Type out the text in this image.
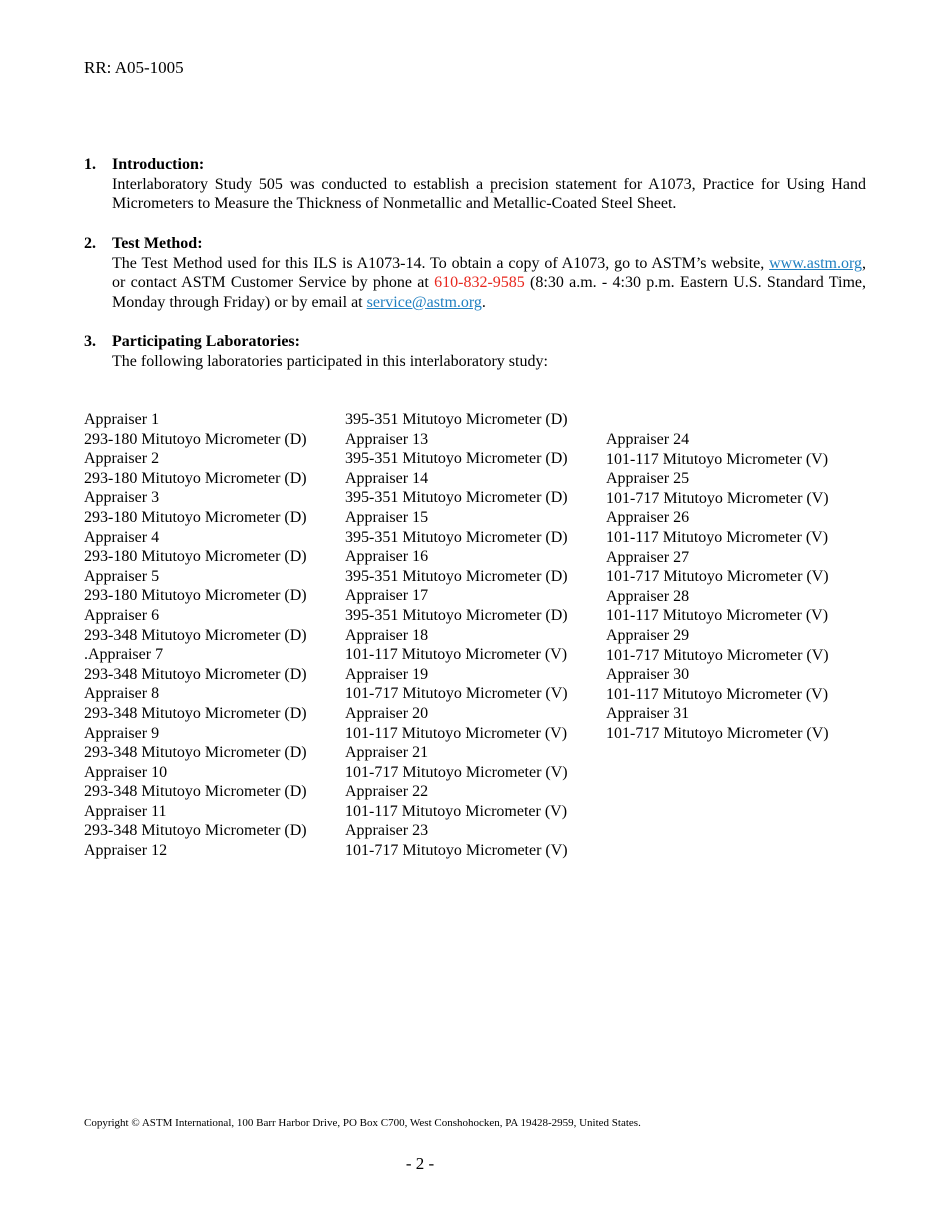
RR: A05-1005
1.	Introduction:
Interlaboratory Study 505 was conducted to establish a precision statement for A1073, Practice for Using Hand Micrometers to Measure the Thickness of Nonmetallic and Metallic-Coated Steel Sheet.
2.	Test Method:
The Test Method used for this ILS is A1073-14. To obtain a copy of A1073, go to ASTM’s website, www.astm.org, or contact ASTM Customer Service by phone at 610-832-9585 (8:30 a.m. - 4:30 p.m. Eastern U.S. Standard Time, Monday through Friday) or by email at service@astm.org.
3.	Participating Laboratories:
The following laboratories participated in this interlaboratory study:
Appraiser 1
293-180 Mitutoyo Micrometer (D)
Appraiser 2
293-180 Mitutoyo Micrometer (D)
Appraiser 3
293-180 Mitutoyo Micrometer (D)
Appraiser 4
293-180 Mitutoyo Micrometer (D)
Appraiser 5
293-180 Mitutoyo Micrometer (D)
Appraiser 6
293-348 Mitutoyo Micrometer (D)
.Appraiser 7
293-348 Mitutoyo Micrometer (D)
Appraiser 8
293-348 Mitutoyo Micrometer (D)
Appraiser 9
293-348 Mitutoyo Micrometer (D)
Appraiser 10
293-348 Mitutoyo Micrometer (D)
Appraiser 11
293-348 Mitutoyo Micrometer (D)
Appraiser 12
395-351 Mitutoyo Micrometer (D)
Appraiser 13
395-351 Mitutoyo Micrometer (D)
Appraiser 14
395-351 Mitutoyo Micrometer (D)
Appraiser 15
395-351 Mitutoyo Micrometer (D)
Appraiser 16
395-351 Mitutoyo Micrometer (D)
Appraiser 17
395-351 Mitutoyo Micrometer (D)
Appraiser 18
101-117 Mitutoyo Micrometer (V)
Appraiser 19
101-717 Mitutoyo Micrometer (V)
Appraiser 20
101-117 Mitutoyo Micrometer (V)
Appraiser 21
101-717 Mitutoyo Micrometer (V)
Appraiser 22
101-117 Mitutoyo Micrometer (V)
Appraiser 23
101-717 Mitutoyo Micrometer (V)
Appraiser 24
101-117 Mitutoyo Micrometer (V)
Appraiser 25
101-717 Mitutoyo Micrometer (V)
Appraiser 26
101-117 Mitutoyo Micrometer (V)
Appraiser 27
101-717 Mitutoyo Micrometer (V)
Appraiser 28
101-117 Mitutoyo Micrometer (V)
Appraiser 29
101-717 Mitutoyo Micrometer (V)
Appraiser 30
101-117 Mitutoyo Micrometer (V)
Appraiser 31
101-717 Mitutoyo Micrometer (V)
Copyright © ASTM International, 100 Barr Harbor Drive, PO Box C700, West Conshohocken, PA 19428-2959, United States.
- 2 -
